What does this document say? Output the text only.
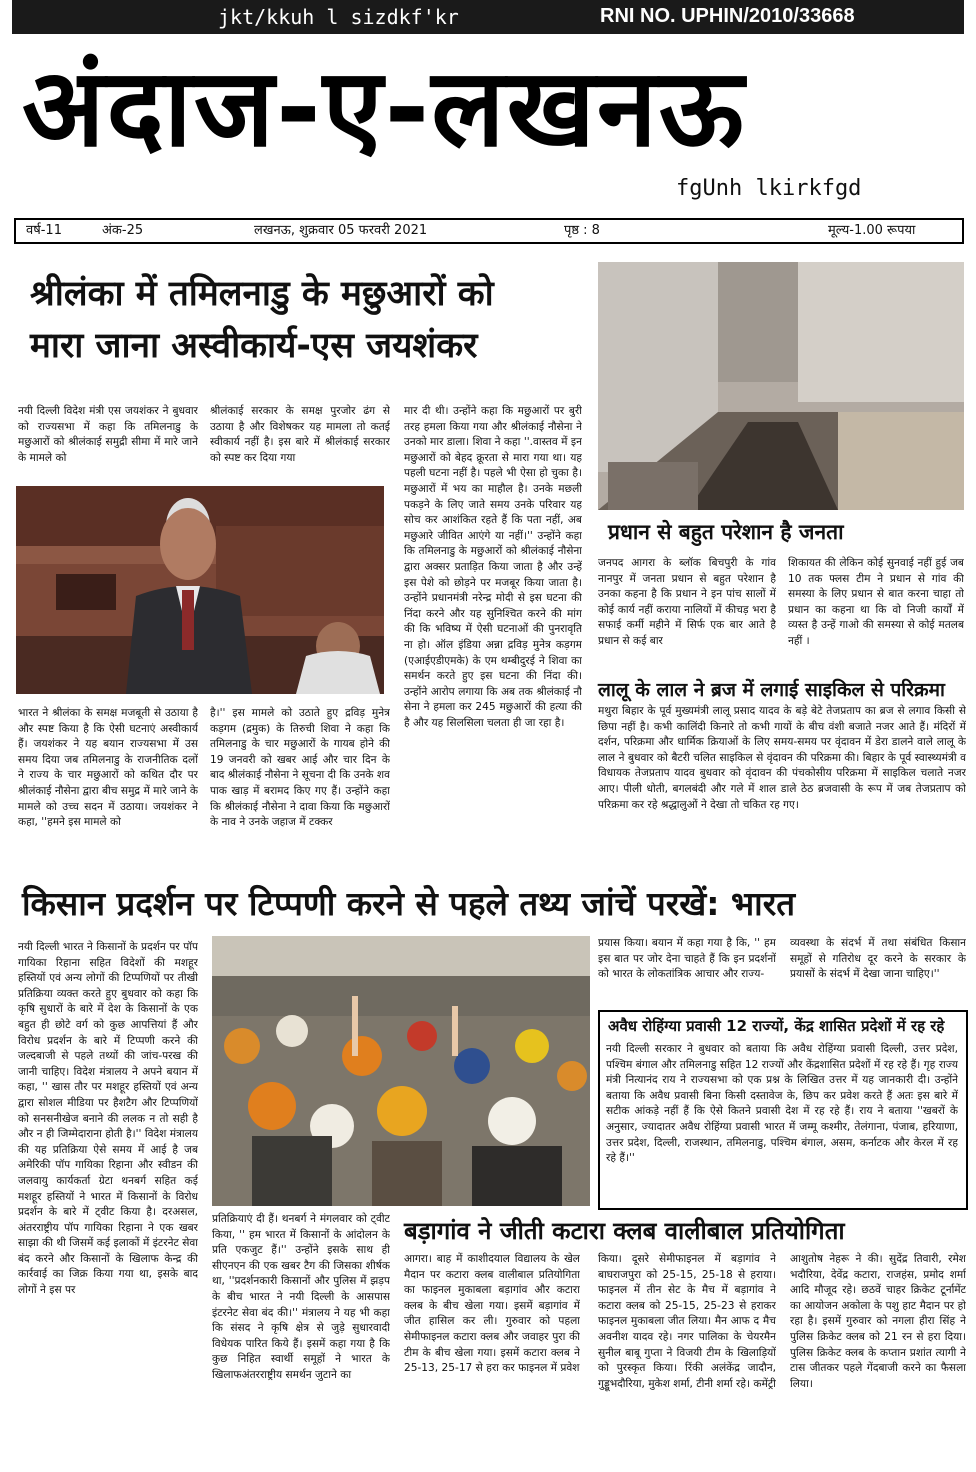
jkt/kkuh l sizdkf'kr	RNI NO. UPHIN/2010/33668
अंदाज-ए-लखनऊ
fgUnh lkirkfgd
वर्ष-11	अंक-25	लखनऊ, शुक्रवार 05 फरवरी 2021	पृष्ठ : 8	मूल्य-1.00 रूपया
श्रीलंका में तमिलनाडु के मछुआरों को
मारा जाना अस्वीकार्य-एस जयशंकर
नयी दिल्ली विदेश मंत्री एस जयशंकर ने बुधवार को राज्यसभा में कहा कि तमिलनाडु के मछुआरों को श्रीलंकाई समुद्री सीमा में मारे जाने के मामले को
श्रीलंकाई सरकार के समक्ष पुरजोर ढंग से उठाया है और विशेषकर यह मामला तो कतई स्वीकार्य नहीं है। इस बारे में श्रीलंकाई सरकार को स्पष्ट कर दिया गया
मार दी थी। उन्होंने कहा कि मछुआरों पर बुरी तरह हमला किया गया और श्रीलंकाई नौसेना ने उनको मार डाला। शिवा ने कहा ''.वास्तव में इन मछुआरों को बेहद क्रूरता से मारा गया था। यह पहली घटना नहीं है। पहले भी ऐसा हो चुका है। मछुआरों में भय का माहौल है। उनके मछली पकड़ने के लिए जाते समय उनके परिवार यह सोच कर आशंकित रहते हैं कि पता नहीं, अब मछुआरे जीवित आएंगे या नहीं।'' उन्होंने कहा कि तमिलनाडु के मछुआरों को श्रीलंकाई नौसेना द्वारा अक्सर प्रताड़ित किया जाता है और उन्हें इस पेशे को छोड़ने पर मजबूर किया जाता है। उन्होंने प्रधानमंत्री नरेन्द्र मोदी से इस घटना की निंदा करने और यह सुनिश्चित करने की मांग की कि भविष्य में ऐसी घटनाओं की पुनरावृति ना हो। ऑल इंडिया अन्ना द्रविड़ मुनेत्र कड़गम (एआईएडीएमके) के एम थम्बीदुरई ने शिवा का समर्थन करते हुए इस घटना की निंदा की। उन्होंने आरोप लगाया कि अब तक श्रीलंकाई नौ सेना ने हमला कर 245 मछुआरों की हत्या की है और यह सिलसिला चलता ही जा रहा है।
भारत ने श्रीलंका के समक्ष मजबूती से उठाया है और स्पष्ट किया है कि ऐसी घटनाएं अस्वीकार्य हैं। जयशंकर ने यह बयान राज्यसभा में उस समय दिया जब तमिलनाडु के राजनीतिक दलों ने राज्य के चार मछुआरों को कथित दौर पर श्रीलंकाई नौसेना द्वारा बीच समुद्र में मारे जाने के मामले को उच्च सदन में उठाया। जयशंकर ने कहा, ''हमने इस मामले को
है।'' इस मामले को उठाते हुए द्रविड़ मुनेत्र कड़गम (द्रमुक) के तिरुची शिवा ने कहा कि तमिलनाडु के चार मछुआरों के गायब होने की 19 जनवरी को खबर आई और चार दिन के बाद श्रीलंकाई नौसेना ने सूचना दी कि उनके शव पाक खाड़ में बरामद किए गए हैं। उन्होंने कहा कि श्रीलंकाई नौसेना ने दावा किया कि मछुआरों के नाव ने उनके जहाज में टक्कर
प्रधान से बहुत परेशान है जनता
जनपद आगरा के ब्लॉक बिचपुरी के गांव नानपुर में जनता प्रधान से बहुत परेशान है उनका कहना है कि प्रधान ने इन पांच सालों में कोई कार्य नहीं कराया नालियों में कीचड़ भरा है सफाई कर्मी महीने में सिर्फ एक बार आते है प्रधान से कई बार
शिकायत की लेकिन कोई सुनवाई नहीं हुई जब 10 तक फ्लस टीम ने प्रधान से गांव की समस्या के लिए प्रधान से बात करना चाहा तो प्रधान का कहना था कि वो निजी कार्यों में व्यस्त है उन्हें गाओ की समस्या से कोई मतलब नहीं ।
लालू के लाल ने ब्रज में लगाई साइकिल से परिक्रमा
मथुरा बिहार के पूर्व मुख्यमंत्री लालू प्रसाद यादव के बड़े बेटे तेजप्रताप का ब्रज से लगाव किसी से छिपा नहीं है। कभी कालिंदी किनारे तो कभी गायों के बीच वंशी बजाते नजर आते हैं। मंदिरों में दर्शन, परिक्रमा और धार्मिक क्रियाओं के लिए समय-समय पर वृंदावन में डेरा डालने वाले लालू के लाल ने बुधवार को बैटरी चलित साइकिल से वृंदावन की परिक्रमा की। बिहार के पूर्व स्वास्थ्यमंत्री व विधायक तेजप्रताप यादव बुधवार को वृंदावन की पंचकोसीय परिक्रमा में साइकिल चलाते नजर आए। पीली धोती, बगलबंदी और गले में शाल डाले ठेठ ब्रजवासी के रूप में जब तेजप्रताप को परिक्रमा कर रहे श्रद्धालुओं ने देखा तो चकित रह गए।
किसान प्रदर्शन पर टिप्पणी करने से पहले तथ्य जांचें परखें: भारत
नयी दिल्ली भारत ने किसानों के प्रदर्शन पर पॉप गायिका रिहाना सहित विदेशों की मशहूर हस्तियों एवं अन्य लोगों की टिप्पणियों पर तीखी प्रतिक्रिया व्यक्त करते हुए बुधवार को कहा कि कृषि सुधारों के बारे में देश के किसानों के एक बहुत ही छोटे वर्ग को कुछ आपत्तियां हैं और विरोध प्रदर्शन के बारे में टिप्पणी करने की जल्दबाजी से पहले तथ्यों की जांच-परख की जानी चाहिए। विदेश मंत्रालय ने अपने बयान में कहा, '' खास तौर पर मशहूर हस्तियों एवं अन्य द्वारा सोशल मीडिया पर हैशटैग और टिप्पणियों को सनसनीखेज बनाने की ललक न तो सही है और न ही जिम्मेदाराना होती है।'' विदेश मंत्रालय की यह प्रतिक्रिया ऐसे समय में आई है जब अमेरिकी पॉप गायिका रिहाना और स्वीडन की जलवायु कार्यकर्ता ग्रेटा थनबर्ग सहित कई मशहूर हस्तियों ने भारत में किसानों के विरोध प्रदर्शन के बारे में ट्वीट किया है। दरअसल, अंतरराष्ट्रीय पॉप गायिका रिहाना ने एक खबर साझा की थी जिसमें कई इलाकों में इंटरनेट सेवा बंद करने और किसानों के खिलाफ केन्द्र की कार्रवाई का जिक्र किया गया था, इसके बाद लोगों ने इस पर
प्रतिक्रियाएं दी हैं। थनबर्ग ने मंगलवार को ट्वीट किया, '' हम भारत में किसानों के आंदोलन के प्रति एकजुट हैं।'' उन्होंने इसके साथ ही सीएनएन की एक खबर टैग की जिसका शीर्षक था, ''प्रदर्शनकारी किसानों और पुलिस में झड़प के बीच भारत ने नयी दिल्ली के आसपास इंटरनेट सेवा बंद की।'' मंत्रालय ने यह भी कहा कि संसद ने कृषि क्षेत्र से जुड़े सुधारवादी विधेयक पारित किये हैं। इसमें कहा गया है कि कुछ निहित स्वार्थी समूहों ने भारत के खिलाफअंतरराष्ट्रीय समर्थन जुटाने का
प्रयास किया। बयान में कहा गया है कि, '' हम इस बात पर जोर देना चाहते हैं कि इन प्रदर्शनों को भारत के लोकतांत्रिक आचार और राज्य-
व्यवस्था के संदर्भ में तथा संबंधित किसान समूहों से गतिरोध दूर करने के सरकार के प्रयासों के संदर्भ में देखा जाना चाहिए।''
अवैध रोहिंग्या प्रवासी 12 राज्यों, केंद्र शासित प्रदेशों में रह रहे
नयी दिल्ली सरकार ने बुधवार को बताया कि अवैध रोहिंग्या प्रवासी दिल्ली, उत्तर प्रदेश, पश्चिम बंगाल और तमिलनाडु सहित 12 राज्यों और केंद्रशासित प्रदेशों में रह रहे हैं। गृह राज्य मंत्री नित्यानंद राय ने राज्यसभा को एक प्रश्न के लिखित उत्तर में यह जानकारी दी। उन्होंने बताया कि अवैध प्रवासी बिना किसी दस्तावेज के, छिप कर प्रवेश करते हैं अतः इस बारे में सटीक आंकड़े नहीं हैं कि ऐसे कितने प्रवासी देश में रह रहे हैं। राय ने बताया ''खबरों के अनुसार, ज्यादातर अवैध रोहिंग्या प्रवासी भारत में जम्मू कश्मीर, तेलंगाना, पंजाब, हरियाणा, उत्तर प्रदेश, दिल्ली, राजस्थान, तमिलनाडु, पश्चिम बंगाल, असम, कर्नाटक और केरल में रह रहे हैं।''
बड़ागांव ने जीती कटारा क्लब वालीबाल प्रतियोगिता
आगरा। बाह में काशीदयाल विद्यालय के खेल मैदान पर कटारा क्लब वालीबाल प्रतियोगिता का फाइनल मुकाबला बड़ागांव और कटारा क्लब के बीच खेला गया। इसमें बड़ागांव में जीत हासिल कर ली। गुरुवार को पहला सेमीफाइनल कटारा क्लब और जवाहर पुरा की टीम के बीच खेला गया। इसमें कटारा क्लब ने 25-13, 25-17 से हरा कर फाइनल में प्रवेश
किया। दूसरे सेमीफाइनल में बड़ागांव ने बाघराजपुरा को 25-15, 25-18 से हराया। फाइनल में तीन सेट के मैच में बड़ागांव ने कटारा क्लब को 25-15, 25-23 से हराकर फाइनल मुकाबला जीत लिया। मैन आफ द मैच अवनीश यादव रहे। नगर पालिका के चेयरमैन सुनील बाबू गुप्ता ने विजयी टीम के खिलाड़ियों को पुरस्कृत किया। रिंकी अलंकेंद्र जादौन, गुड्डूभदौरिया, मुकेश शर्मा, टीनी शर्मा रहे। कमेंट्री
आशुतोष नेहरू ने की। सुदेंद्र तिवारी, रमेश भदौरिया, देवेंद्र कटारा, राजहंस, प्रमोद शर्मा आदि मौजूद रहे। छठवें चाहर क्रिकेट टूर्नामेंट का आयोजन अकोला के पशु हाट मैदान पर हो रहा है। इसमें गुरुवार को नगला हीरा सिंह ने पुलिस क्रिकेट क्लब को 21 रन से हरा दिया। पुलिस क्रिकेट क्लब के कप्तान प्रशांत त्यागी ने टास जीतकर पहले गेंदबाजी करने का फैसला लिया।
